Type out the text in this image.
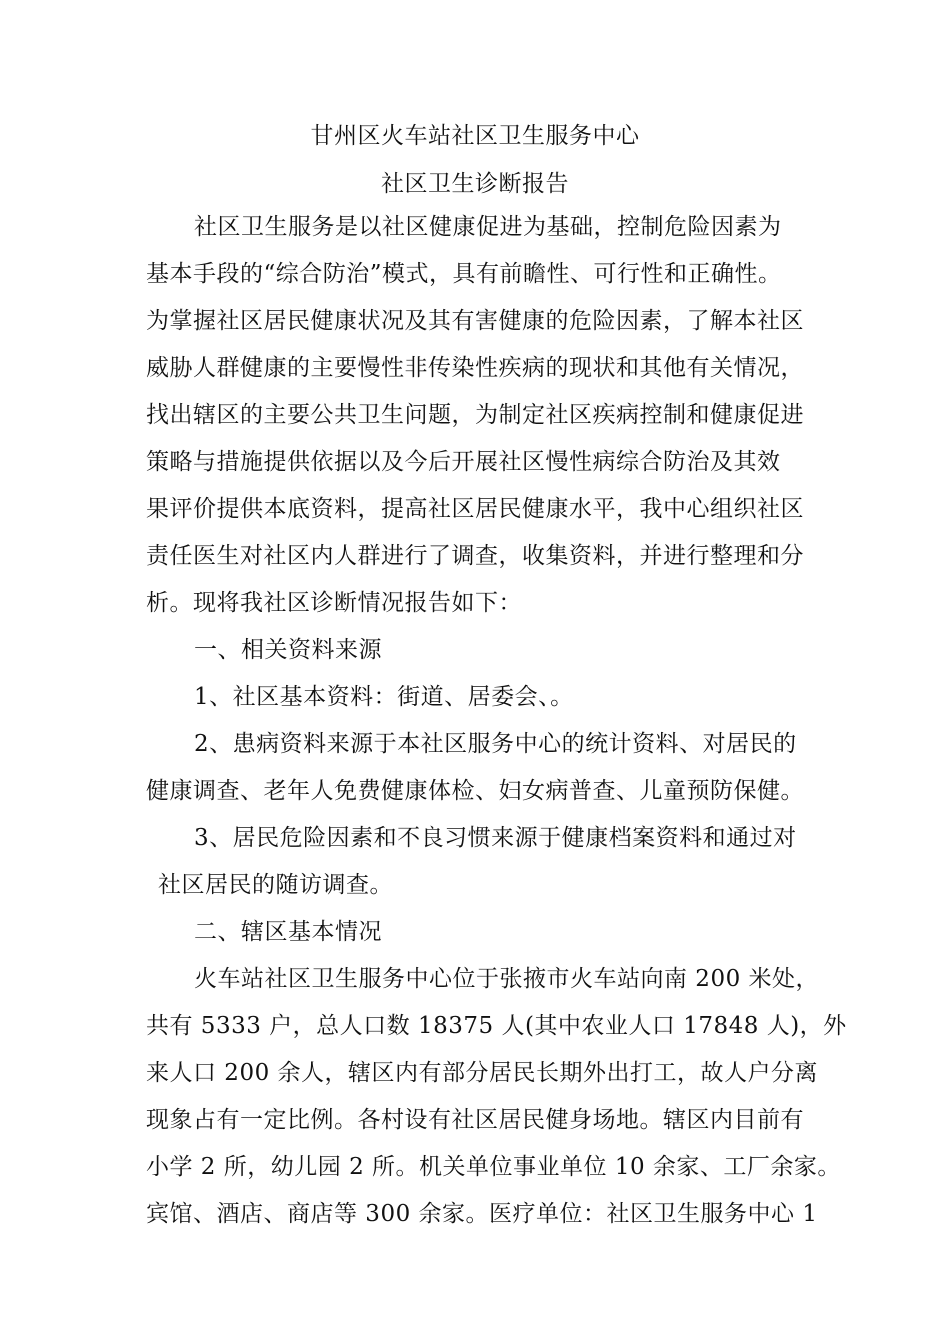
甘州区火车站社区卫生服务中心
社区卫生诊断报告
社区卫生服务是以社区健康促进为基础，控制危险因素为
基本手段的“综合防治”模式，具有前瞻性、可行性和正确性。
为掌握社区居民健康状况及其有害健康的危险因素，了解本社区
威胁人群健康的主要慢性非传染性疾病的现状和其他有关情况，
找出辖区的主要公共卫生问题，为制定社区疾病控制和健康促进
策略与措施提供依据以及今后开展社区慢性病综合防治及其效
果评价提供本底资料，提高社区居民健康水平，我中心组织社区
责任医生对社区内人群进行了调查，收集资料，并进行整理和分
析。现将我社区诊断情况报告如下：
一、相关资料来源
1、社区基本资料：街道、居委会、。
2、患病资料来源于本社区服务中心的统计资料、对居民的
健康调查、老年人免费健康体检、妇女病普查、儿童预防保健。
3、居民危险因素和不良习惯来源于健康档案资料和通过对
社区居民的随访调查。
二、辖区基本情况
火车站社区卫生服务中心位于张掖市火车站向南 200 米处，
共有 5333 户，总人口数 18375 人(其中农业人口 17848 人)，外
来人口 200 余人，辖区内有部分居民长期外出打工，故人户分离
现象占有一定比例。各村设有社区居民健身场地。辖区内目前有
小学 2 所，幼儿园 2 所。机关单位事业单位 10 余家、工厂余家。
宾馆、酒店、商店等 300 余家。医疗单位：社区卫生服务中心 1
